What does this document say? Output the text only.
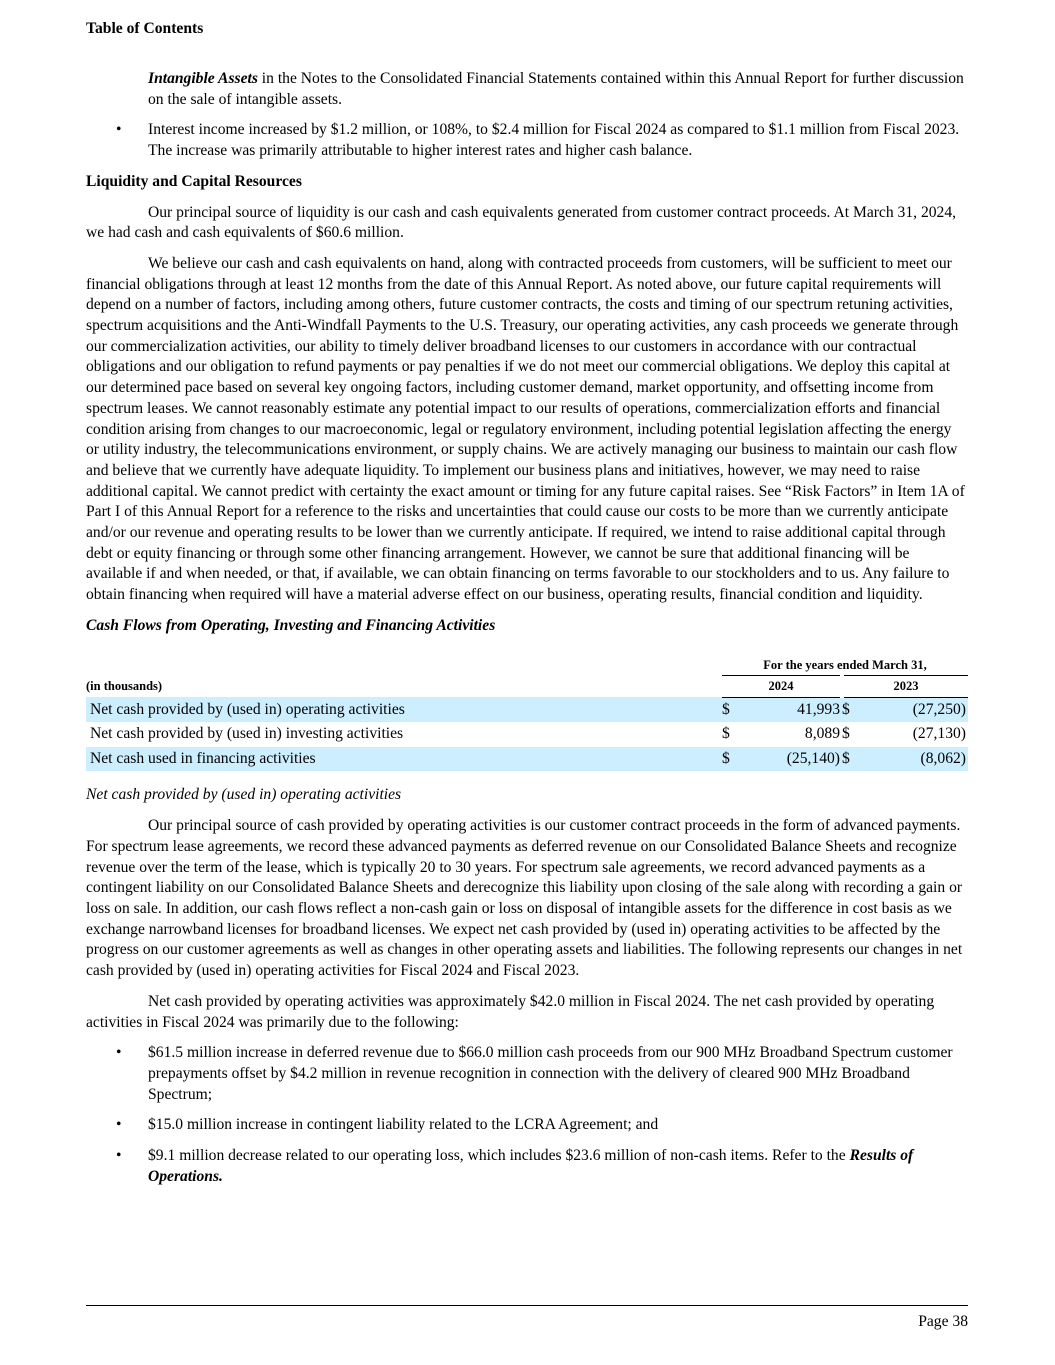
Table of Contents

Intangible Assets in the Notes to the Consolidated Financial Statements contained within this Annual Report for further discussion on the sale of intangible assets.

• Interest income increased by $1.2 million, or 108%, to $2.4 million for Fiscal 2024 as compared to $1.1 million from Fiscal 2023. The increase was primarily attributable to higher interest rates and higher cash balance.
Liquidity and Capital Resources

Our principal source of liquidity is our cash and cash equivalents generated from customer contract proceeds. At March 31, 2024, we had cash and cash equivalents of $60.6 million.

We believe our cash and cash equivalents on hand, along with contracted proceeds from customers, will be sufficient to meet our financial obligations through at least 12 months from the date of this Annual Report. As noted above, our future capital requirements will depend on a number of factors, including among others, future customer contracts, the costs and timing of our spectrum retuning activities, spectrum acquisitions and the Anti-Windfall Payments to the U.S. Treasury, our operating activities, any cash proceeds we generate through our commercialization activities, our ability to timely deliver broadband licenses to our customers in accordance with our contractual obligations and our obligation to refund payments or pay penalties if we do not meet our commercial obligations. We deploy this capital at our determined pace based on several key ongoing factors, including customer demand, market opportunity, and offsetting income from spectrum leases. We cannot reasonably estimate any potential impact to our results of operations, commercialization efforts and financial condition arising from changes to our macroeconomic, legal or regulatory environment, including potential legislation affecting the energy or utility industry, the telecommunications environment, or supply chains. We are actively managing our business to maintain our cash flow and believe that we currently have adequate liquidity. To implement our business plans and initiatives, however, we may need to raise additional capital. We cannot predict with certainty the exact amount or timing for any future capital raises. See “Risk Factors” in Item 1A of Part I of this Annual Report for a reference to the risks and uncertainties that could cause our costs to be more than we currently anticipate and/or our revenue and operating results to be lower than we currently anticipate. If required, we intend to raise additional capital through debt or equity financing or through some other financing arrangement. However, we cannot be sure that additional financing will be available if and when needed, or that, if available, we can obtain financing on terms favorable to our stockholders and to us. Any failure to obtain financing when required will have a material adverse effect on our business, operating results, financial condition and liquidity.

Cash Flows from Operating, Investing and Financing Activities
	For the years ended March 31,			
(in thousands)	2024		2023	
Net cash provided by (used in) operating activities	$	41,993	$	(27,250)
Net cash provided by (used in) investing activities	$	8,089	$	(27,130)
Net cash used in financing activities	$	(25,140)	$	(8,062)
Net cash provided by (used in) operating activities

Our principal source of cash provided by operating activities is our customer contract proceeds in the form of advanced payments. For spectrum lease agreements, we record these advanced payments as deferred revenue on our Consolidated Balance Sheets and recognize revenue over the term of the lease, which is typically 20 to 30 years. For spectrum sale agreements, we record advanced payments as a contingent liability on our Consolidated Balance Sheets and derecognize this liability upon closing of the sale along with recording a gain or loss on sale. In addition, our cash flows reflect a non-cash gain or loss on disposal of intangible assets for the difference in cost basis as we exchange narrowband licenses for broadband licenses. We expect net cash provided by (used in) operating activities to be affected by the progress on our customer agreements as well as changes in other operating assets and liabilities. The following represents our changes in net cash provided by (used in) operating activities for Fiscal 2024 and Fiscal 2023.

Net cash provided by operating activities was approximately $42.0 million in Fiscal 2024. The net cash provided by operating activities in Fiscal 2024 was primarily due to the following:

• $61.5 million increase in deferred revenue due to $66.0 million cash proceeds from our 900 MHz Broadband Spectrum customer prepayments offset by $4.2 million in revenue recognition in connection with the delivery of cleared 900 MHz Broadband Spectrum;
• $15.0 million increase in contingent liability related to the LCRA Agreement; and
• $9.1 million decrease related to our operating loss, which includes $23.6 million of non-cash items. Refer to the Results of Operations.
Page 38
